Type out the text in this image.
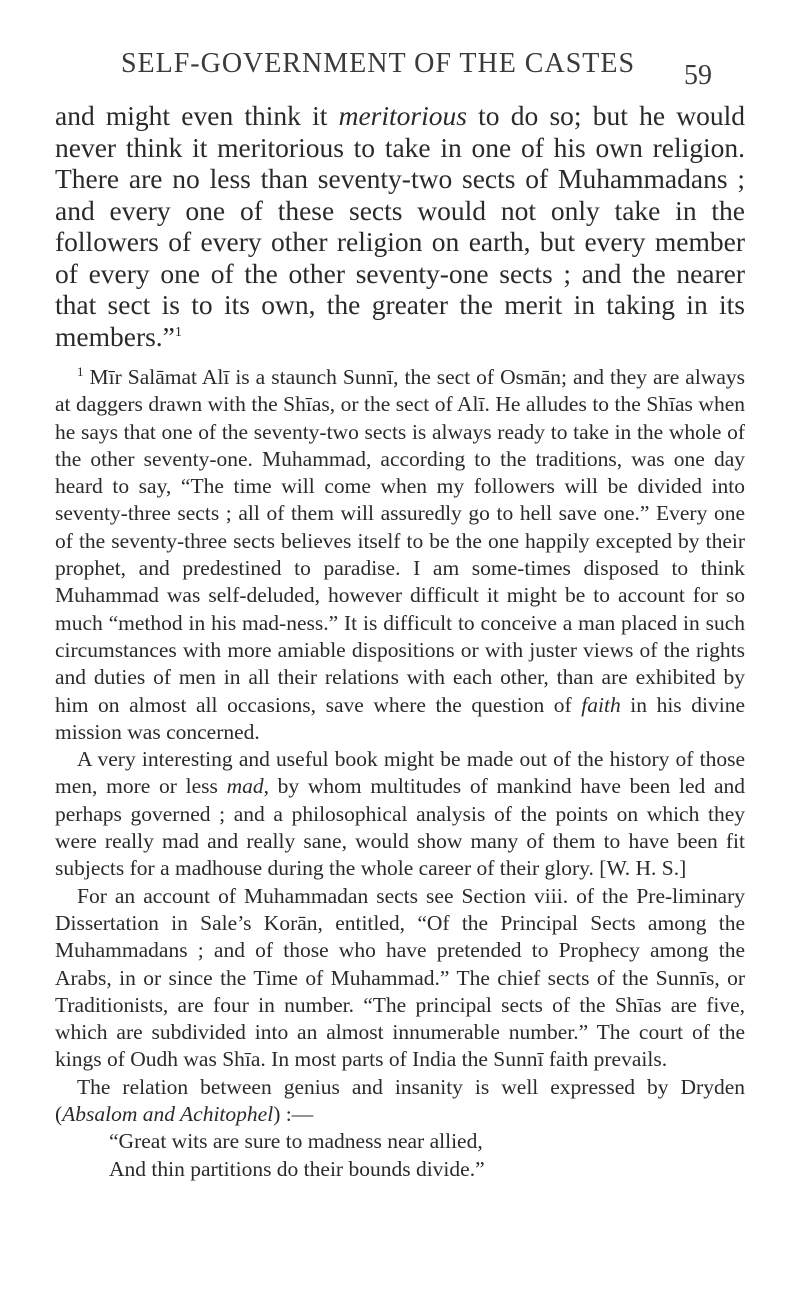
SELF-GOVERNMENT OF THE CASTES	59

and might even think it meritorious to do so; but he would never think it meritorious to take in one of his own religion. There are no less than seventy-two sects of Muhammadans ; and every one of these sects would not only take in the followers of every other religion on earth, but every member of every one of the other seventy-one sects ; and the nearer that sect is to its own, the greater the merit in taking in its members.”$^1$

$^1$ Mīr Salāmat Alī is a staunch Sunnī, the sect of Osmān; and they are always at daggers drawn with the Shīas, or the sect of Alī. He alludes to the Shīas when he says that one of the seventy-two sects is always ready to take in the whole of the other seventy-one. Muhammad, according to the traditions, was one day heard to say, “The time will come when my followers will be divided into seventy-three sects ; all of them will assuredly go to hell save one.” Every one of the seventy-three sects believes itself to be the one happily excepted by their prophet, and predestined to paradise. I am some-times disposed to think Muhammad was self-deluded, however difficult it might be to account for so much “method in his mad-ness.” It is difficult to conceive a man placed in such circumstances with more amiable dispositions or with juster views of the rights and duties of men in all their relations with each other, than are exhibited by him on almost all occasions, save where the question of faith in his divine mission was concerned.

A very interesting and useful book might be made out of the history of those men, more or less mad, by whom multitudes of mankind have been led and perhaps governed ; and a philosophical analysis of the points on which they were really mad and really sane, would show many of them to have been fit subjects for a madhouse during the whole career of their glory. [W. H. S.]

For an account of Muhammadan sects see Section viii. of the Pre-liminary Dissertation in Sale’s Korān, entitled, “Of the Principal Sects among the Muhammadans ; and of those who have pretended to Prophecy among the Arabs, in or since the Time of Muhammad.” The chief sects of the Sunnīs, or Traditionists, are four in number. “The principal sects of the Shīas are five, which are subdivided into an almost innumerable number.” The court of the kings of Oudh was Shīa. In most parts of India the Sunnī faith prevails.

The relation between genius and insanity is well expressed by Dryden (Absalom and Achitophel) :—

“Great wits are sure to madness near allied,

And thin partitions do their bounds divide.”
